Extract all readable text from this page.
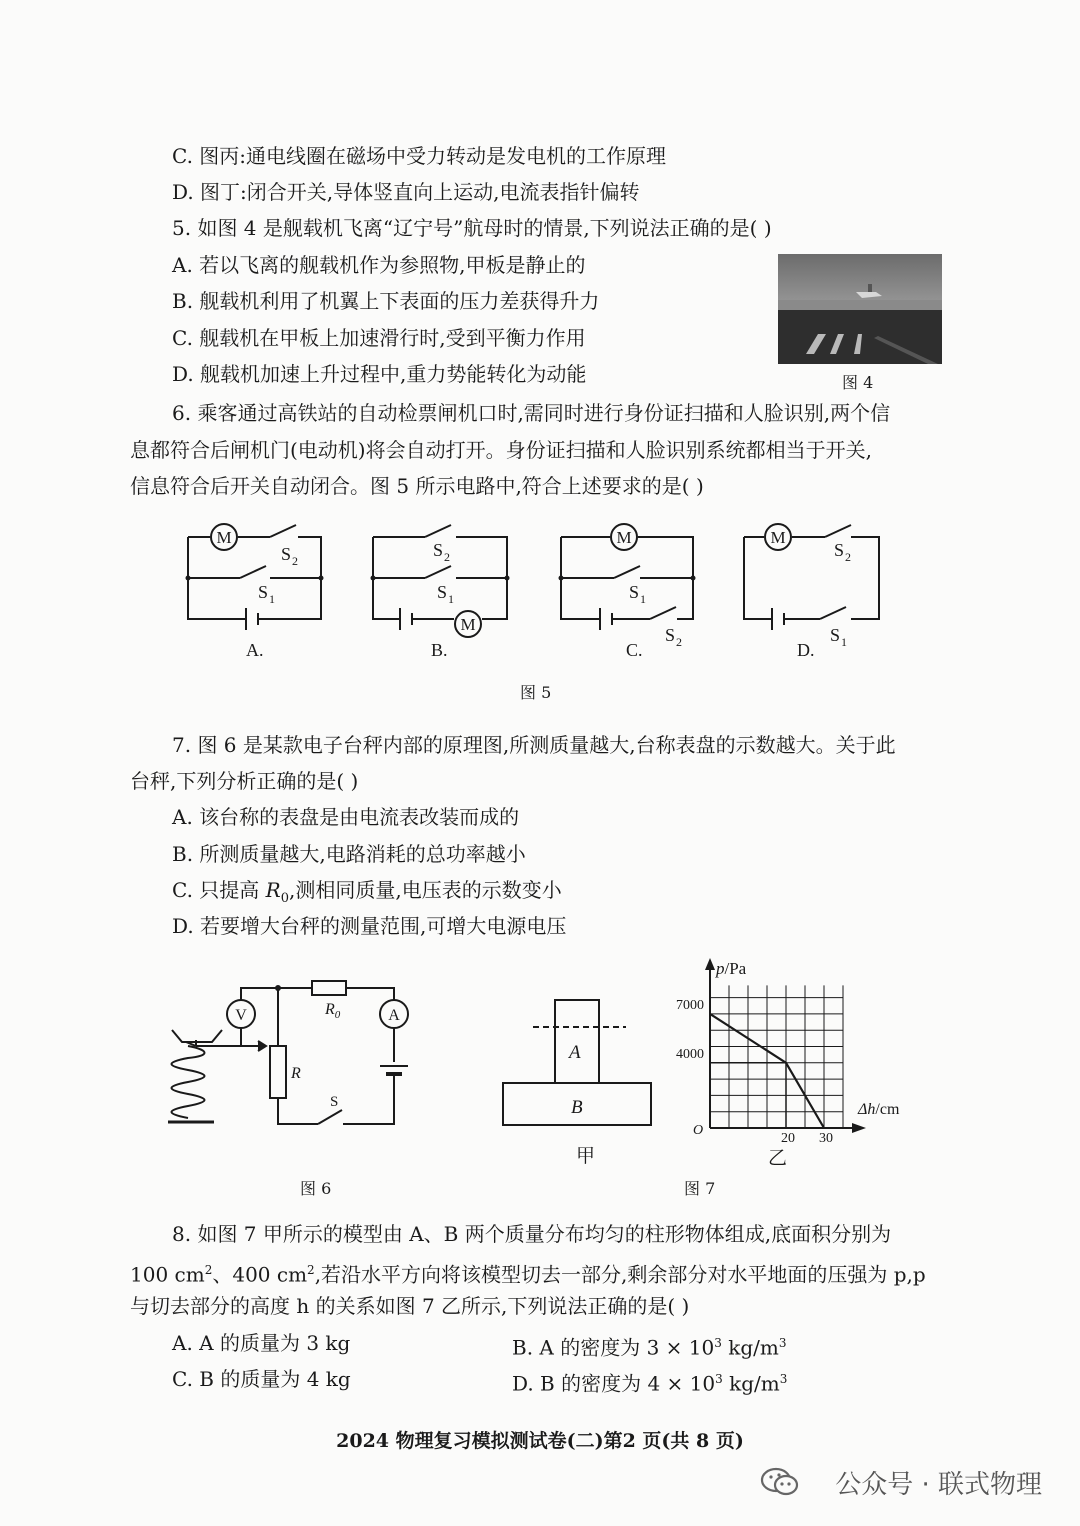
C. 图丙:通电线圈在磁场中受力转动是发电机的工作原理
D. 图丁:闭合开关,导体竖直向上运动,电流表指针偏转
5. 如图 4 是舰载机飞离“辽宁号”航母时的情景,下列说法正确的是( )
A. 若以飞离的舰载机作为参照物,甲板是静止的
B. 舰载机利用了机翼上下表面的压力差获得升力
C. 舰载机在甲板上加速滑行时,受到平衡力作用
D. 舰载机加速上升过程中,重力势能转化为动能	图 4
6. 乘客通过高铁站的自动检票闸机口时,需同时进行身份证扫描和人脸识别,两个信
息都符合后闸机门(电动机)将会自动打开。身份证扫描和人脸识别系统都相当于开关,
信息符合后开关自动闭合。图 5 所示电路中,符合上述要求的是( )
M
M
M	M
S 2
S 1
S 2
S 1	S 1
S 2
S 2
S 1
A.	B.	C.	D.
图 5
7. 图 6 是某款电子台秤内部的原理图,所测质量越大,台称表盘的示数越大。关于此
台秤,下列分析正确的是( )
A. 该台称的表盘是由电流表改装而成的
B. 所测质量越大,电路消耗的总功率越小
C. 只提高 $R_0$,测相同质量,电压表的示数变小
D. 若要增大台秤的测量范围,可增大电源电压
V	A
$R_0$
R
S
图 6
A
B
甲
p/Pa
Δh/cm
7000
4000
O
20 30
乙
图 7
8. 如图 7 甲所示的模型由 A、B 两个质量分布均匀的柱形物体组成,底面积分别为
100 $cm^2$、400 $cm^2$,若沿水平方向将该模型切去一部分,剩余部分对水平地面的压强为 p,p
与切去部分的高度 h 的关系如图 7 乙所示,下列说法正确的是( )
A. A 的质量为 3 kg	B. A 的密度为 $3 \times 10^3$ $kg/m^3$
C. B 的质量为 4 kg	D. B 的密度为 $4 \times 10^3$ $kg/m^3$
2024 物理复习模拟测试卷(二)第2 页(共 8 页)
公众号 · 联式物理
